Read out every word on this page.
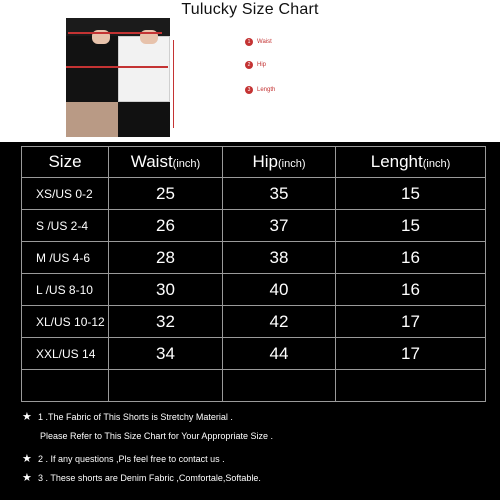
Tulucky Size Chart
1	Waist
2	Hip
3	Length
Size	Waist(inch)	Hip(inch)	Lenght(inch)
XS/US 0-2	25	35	15
S /US 2-4	26	37	15
M /US 4-6	28	38	16
L /US 8-10	30	40	16
XL/US 10-12	32	42	17
XXL/US 14	34	44	17

★ 1 .The Fabric of This Shorts is Stretchy Material .
Please Refer to This Size Chart for Your Appropriate Size .
★ 2 . If any questions ,Pls feel free to contact us .
★ 3 . These shorts are Denim Fabric ,Comfortale,Softable.
